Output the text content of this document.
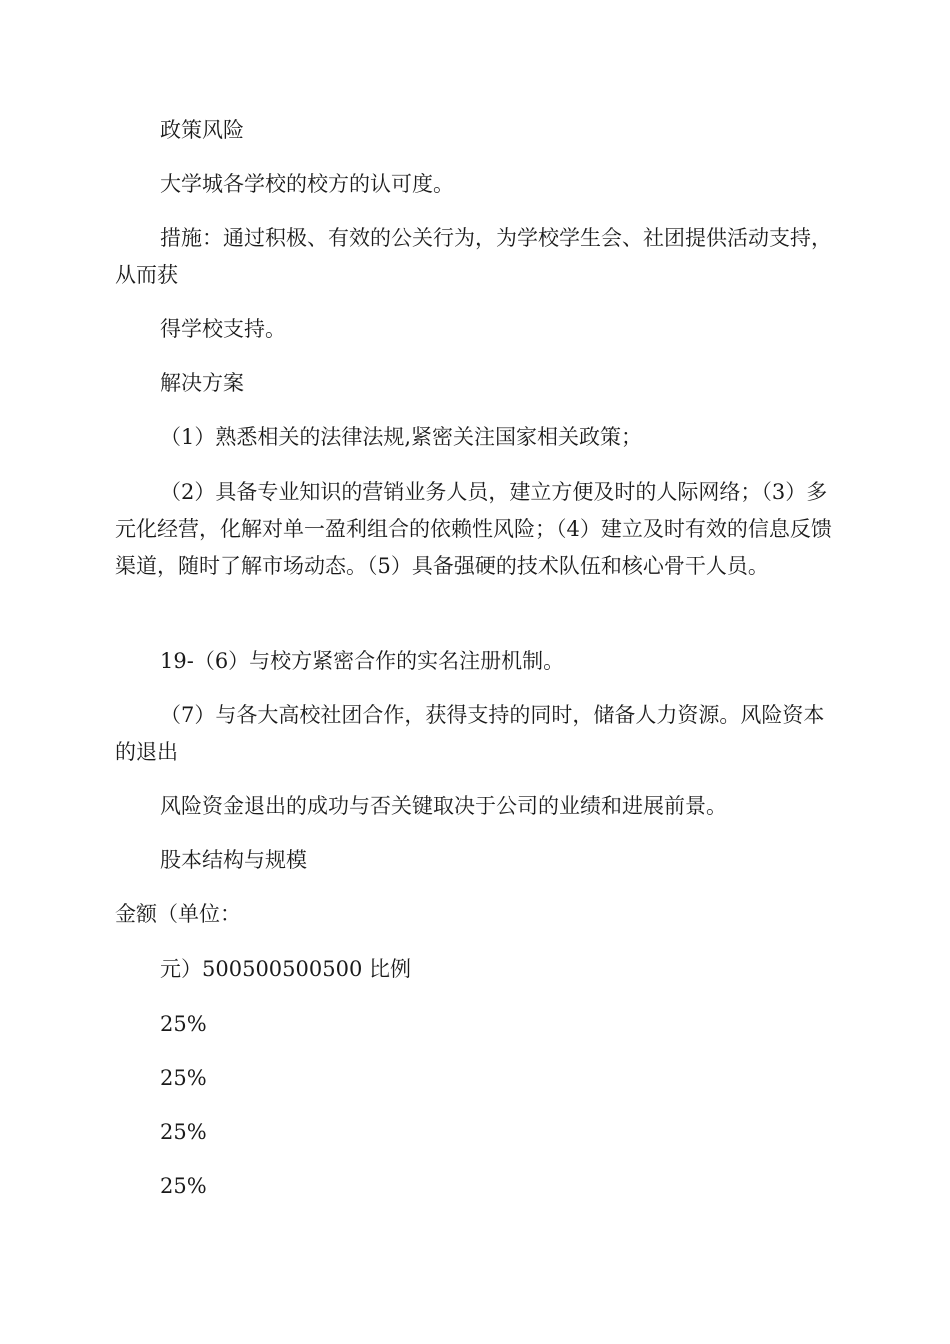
政策风险

大学城各学校的校方的认可度。

措施：通过积极、有效的公关行为，为学校学生会、社团提供活动支持，从而获

得学校支持。

解决方案

（1）熟悉相关的法律法规,紧密关注国家相关政策；

（2）具备专业知识的营销业务人员，建立方便及时的人际网络；（3）多元化经营，化解对单一盈利组合的依赖性风险；（4）建立及时有效的信息反馈渠道，随时了解市场动态。（5）具备强硬的技术队伍和核心骨干人员。

19-（6）与校方紧密合作的实名注册机制。

（7）与各大高校社团合作，获得支持的同时，储备人力资源。风险资本的退出

风险资金退出的成功与否关键取决于公司的业绩和进展前景。

股本结构与规模

金额（单位：

元）500500500500 比例

25%

25%

25%

25%
